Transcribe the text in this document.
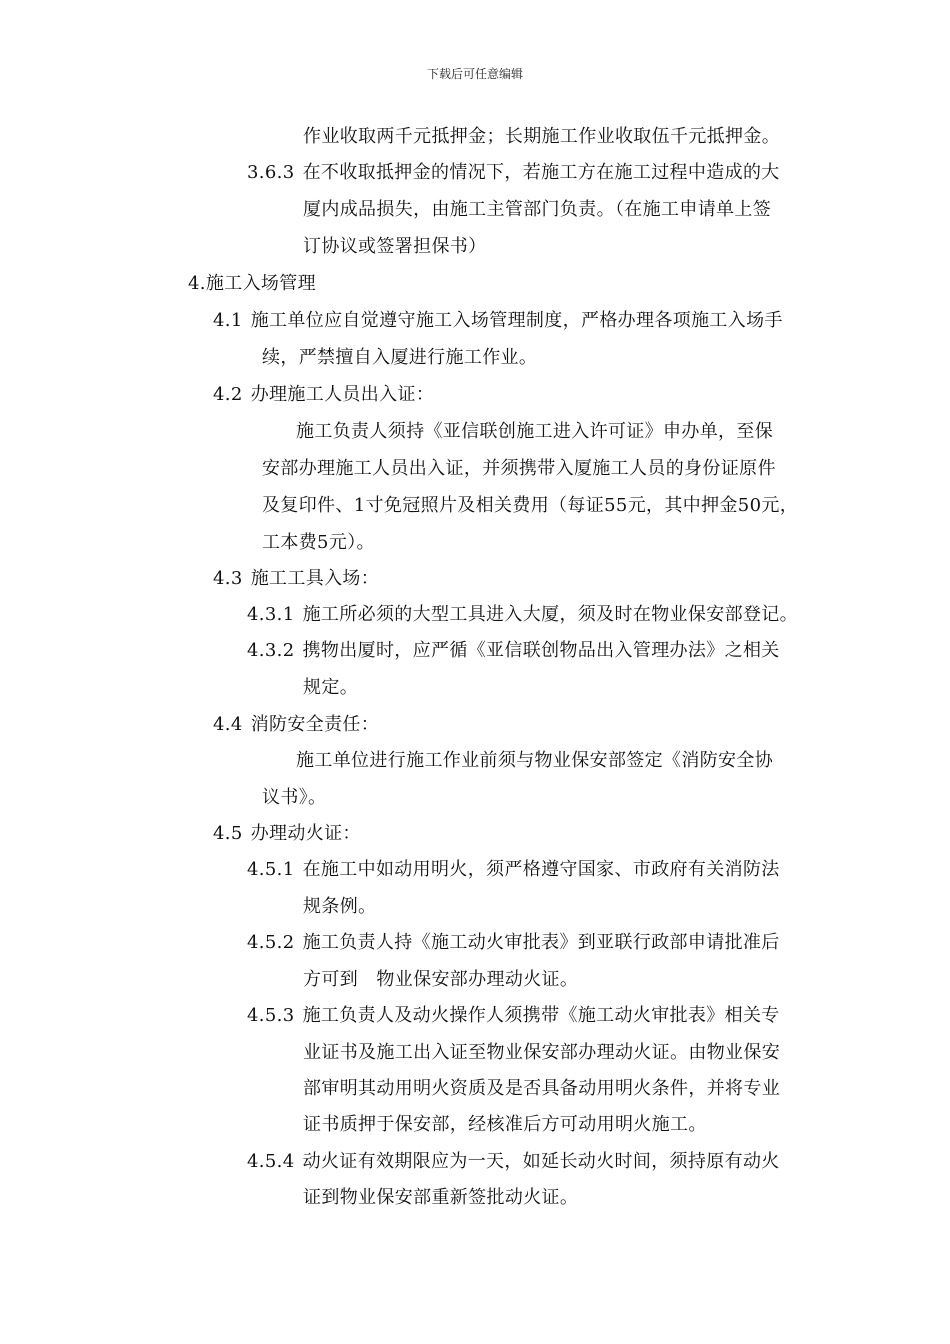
下载后可任意编辑
作业收取两千元抵押金；长期施工作业收取伍千元抵押金。
3.6.3 在不收取抵押金的情况下，若施工方在施工过程中造成的大
厦内成品损失，由施工主管部门负责。（在施工申请单上签
订协议或签署担保书）
4.施工入场管理
4.1 施工单位应自觉遵守施工入场管理制度，严格办理各项施工入场手
续，严禁擅自入厦进行施工作业。
4.2 办理施工人员出入证：
施工负责人须持《亚信联创施工进入许可证》申办单，至保
安部办理施工人员出入证，并须携带入厦施工人员的身份证原件
及复印件、1寸免冠照片及相关费用（每证55元，其中押金50元，
工本费5元）。
4.3 施工工具入场：
4.3.1 施工所必须的大型工具进入大厦，须及时在物业保安部登记。
4.3.2 携物出厦时，应严循《亚信联创物品出入管理办法》之相关
规定。
4.4 消防安全责任：
施工单位进行施工作业前须与物业保安部签定《消防安全协
议书》。
4.5 办理动火证：
4.5.1 在施工中如动用明火，须严格遵守国家、市政府有关消防法
规条例。
4.5.2 施工负责人持《施工动火审批表》到亚联行政部申请批准后
方可到　物业保安部办理动火证。
4.5.3 施工负责人及动火操作人须携带《施工动火审批表》相关专
业证书及施工出入证至物业保安部办理动火证。由物业保安
部审明其动用明火资质及是否具备动用明火条件，并将专业
证书质押于保安部，经核准后方可动用明火施工。
4.5.4 动火证有效期限应为一天，如延长动火时间，须持原有动火
证到物业保安部重新签批动火证。
